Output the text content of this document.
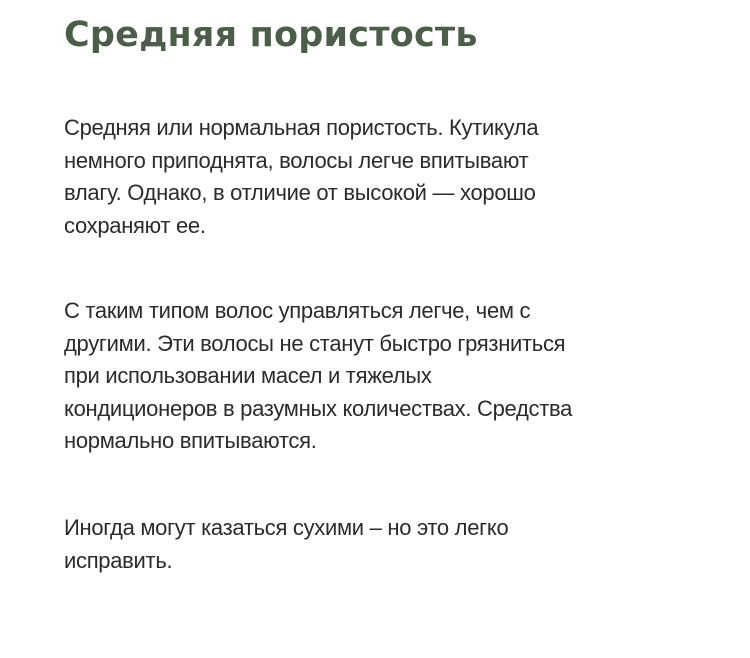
Средняя пористость

Средняя или нормальная пористость. Кутикула
немного приподнята, волосы легче впитывают
влагу. Однако, в отличие от высокой — хорошо
сохраняют ее.

С таким типом волос управляться легче, чем с
другими. Эти волосы не станут быстро грязниться
при использовании масел и тяжелых
кондиционеров в разумных количествах. Средства
нормально впитываются.

Иногда могут казаться сухими – но это легко
исправить.
